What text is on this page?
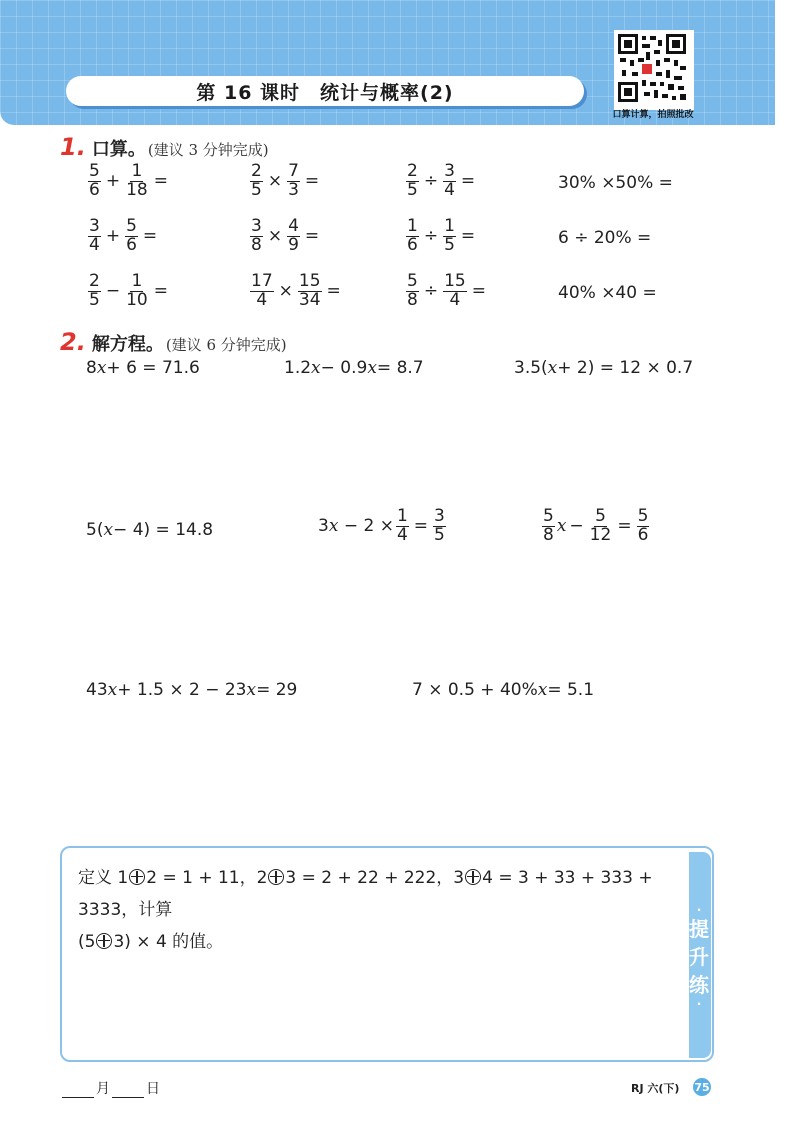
第 16 课时　统计与概率(2)
口算计算，拍照批改
1. 口算。 (建议 3 分钟完成)
$\frac{5}{6} + \frac{1}{18}$ =	$\frac{2}{5} \times \frac{7}{3}$ =	$\frac{2}{5} \div \frac{3}{4}$ =	30% ×50% =
$\frac{3}{4} + \frac{5}{6}$ =	$\frac{3}{8} \times \frac{4}{9}$ =	$\frac{1}{6} \div \frac{1}{5}$ =	6 ÷ 20% =
$\frac{2}{5} - \frac{1}{10}$ =	$\frac{17}{4} \times \frac{15}{34}$ =	$\frac{5}{8} \div \frac{15}{4}$ =	40% ×40 =
2. 解方程。 (建议 6 分钟完成)
8 x + 6 = 71.6	1.2 x − 0.9 x = 8.7	3.5( x + 2) = 12 × 0.7
5( x − 4) = 14.8	$3x - 2 \times \frac{1}{4} = \frac{3}{5}$	$\frac{5}{8}$ $x - \frac{5}{12} = \frac{5}{6}$
43 x + 1.5 × 2 − 23 x = 29	7 × 0.5 + 40% x = 5.1
·
提升练
·
定义 1 2 = 1 + 11，2 3 = 2 + 22 + 222，3 4 = 3 + 33 + 333 + 3333，计算
(5 3) × 4 的值。
月	日	RJ 六(下) 75
